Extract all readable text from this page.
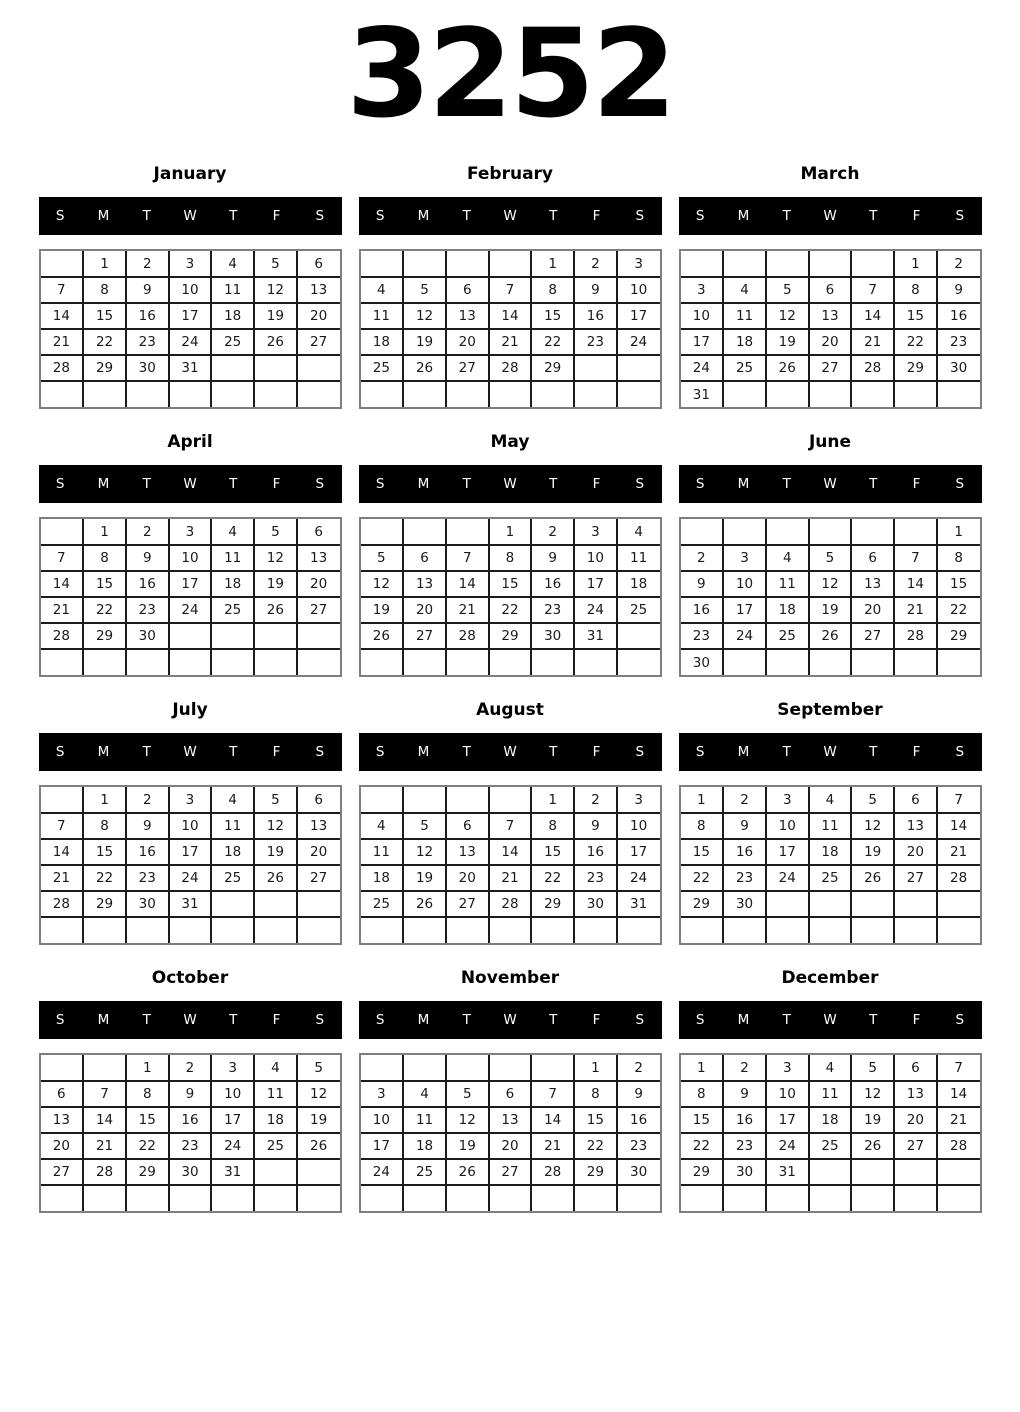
3252
January
S	M	T	W	T	F	S
	1	2	3	4	5	6
7	8	9	10	11	12	13
14	15	16	17	18	19	20
21	22	23	24	25	26	27
28	29	30	31			

February
S	M	T	W	T	F	S
				1	2	3
4	5	6	7	8	9	10
11	12	13	14	15	16	17
18	19	20	21	22	23	24
25	26	27	28	29		

March
S	M	T	W	T	F	S
					1	2
3	4	5	6	7	8	9
10	11	12	13	14	15	16
17	18	19	20	21	22	23
24	25	26	27	28	29	30
31						
April
S	M	T	W	T	F	S
	1	2	3	4	5	6
7	8	9	10	11	12	13
14	15	16	17	18	19	20
21	22	23	24	25	26	27
28	29	30				

May
S	M	T	W	T	F	S
			1	2	3	4
5	6	7	8	9	10	11
12	13	14	15	16	17	18
19	20	21	22	23	24	25
26	27	28	29	30	31	

June
S	M	T	W	T	F	S
						1
2	3	4	5	6	7	8
9	10	11	12	13	14	15
16	17	18	19	20	21	22
23	24	25	26	27	28	29
30						
July
S	M	T	W	T	F	S
	1	2	3	4	5	6
7	8	9	10	11	12	13
14	15	16	17	18	19	20
21	22	23	24	25	26	27
28	29	30	31			

August
S	M	T	W	T	F	S
				1	2	3
4	5	6	7	8	9	10
11	12	13	14	15	16	17
18	19	20	21	22	23	24
25	26	27	28	29	30	31

September
S	M	T	W	T	F	S
1	2	3	4	5	6	7
8	9	10	11	12	13	14
15	16	17	18	19	20	21
22	23	24	25	26	27	28
29	30					

October
S	M	T	W	T	F	S
		1	2	3	4	5
6	7	8	9	10	11	12
13	14	15	16	17	18	19
20	21	22	23	24	25	26
27	28	29	30	31		

November
S	M	T	W	T	F	S
					1	2
3	4	5	6	7	8	9
10	11	12	13	14	15	16
17	18	19	20	21	22	23
24	25	26	27	28	29	30

December
S	M	T	W	T	F	S
1	2	3	4	5	6	7
8	9	10	11	12	13	14
15	16	17	18	19	20	21
22	23	24	25	26	27	28
29	30	31				
